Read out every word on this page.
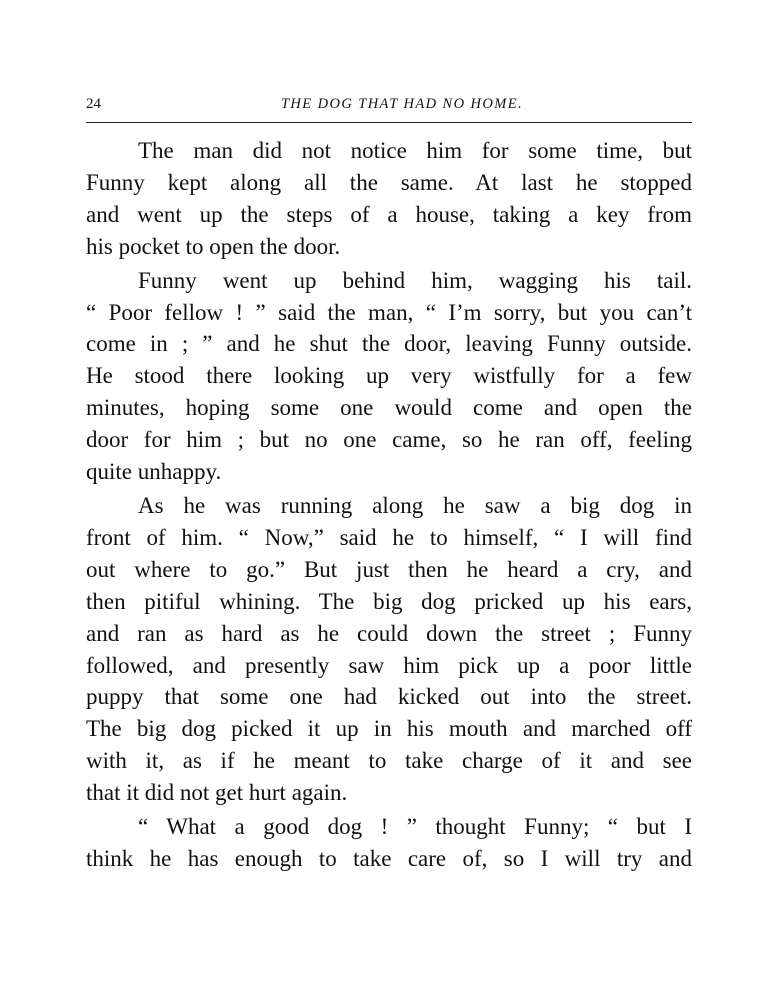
24	THE DOG THAT HAD NO HOME.

The man did not notice him for some time, but
Funny kept along all the same. At last he stopped
and went up the steps of a house, taking a key from
his pocket to open the door.

Funny went up behind him, wagging his tail.
“ Poor fellow ! ” said the man, “ I’m sorry, but you can’t
come in ; ” and he shut the door, leaving Funny outside.
He stood there looking up very wistfully for a few
minutes, hoping some one would come and open the
door for him ; but no one came, so he ran off, feeling
quite unhappy.

As he was running along he saw a big dog in
front of him. “ Now,” said he to himself, “ I will find
out where to go.” But just then he heard a cry, and
then pitiful whining. The big dog pricked up his ears,
and ran as hard as he could down the street ; Funny
followed, and presently saw him pick up a poor little
puppy that some one had kicked out into the street.
The big dog picked it up in his mouth and marched off
with it, as if he meant to take charge of it and see
that it did not get hurt again.

“ What a good dog ! ” thought Funny; “ but I
think he has enough to take care of, so I will try and
